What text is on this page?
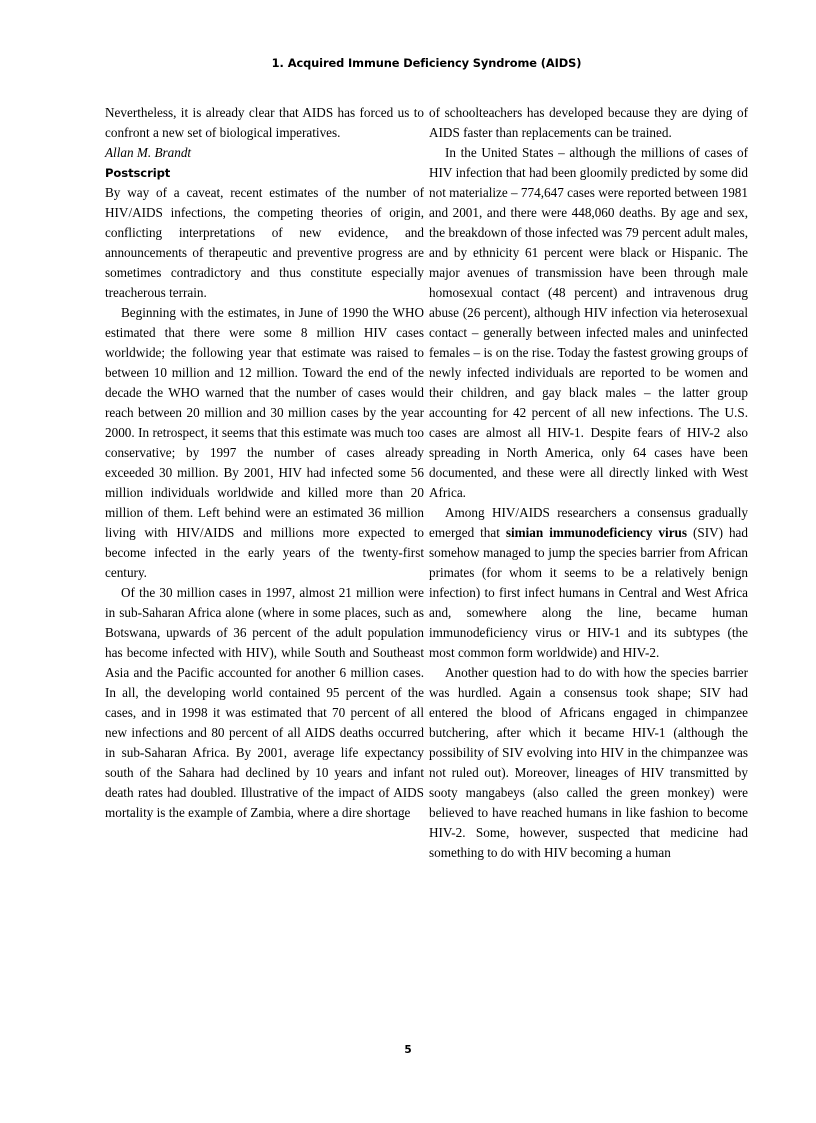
1. Acquired Immune Deficiency Syndrome (AIDS)

Nevertheless, it is already clear that AIDS has forced us to confront a new set of biological imperatives.

Allan M. Brandt

Postscript

By way of a caveat, recent estimates of the number of HIV/AIDS infections, the competing theories of origin, conflicting interpretations of new evidence, and announcements of therapeutic and preventive progress are sometimes contradictory and thus constitute especially treacherous terrain.

Beginning with the estimates, in June of 1990 the WHO estimated that there were some 8 million HIV cases worldwide; the following year that estimate was raised to between 10 million and 12 million. Toward the end of the decade the WHO warned that the number of cases would reach between 20 million and 30 million cases by the year 2000. In retrospect, it seems that this estimate was much too conservative; by 1997 the number of cases already exceeded 30 million. By 2001, HIV had infected some 56 million individuals worldwide and killed more than 20 million of them. Left behind were an estimated 36 million living with HIV/AIDS and millions more expected to become infected in the early years of the twenty-first century.

Of the 30 million cases in 1997, almost 21 million were in sub-Saharan Africa alone (where in some places, such as Botswana, upwards of 36 percent of the adult population has become infected with HIV), while South and Southeast Asia and the Pacific accounted for another 6 million cases. In all, the developing world contained 95 percent of the cases, and in 1998 it was estimated that 70 percent of all new infections and 80 percent of all AIDS deaths occurred in sub-Saharan Africa. By 2001, average life expectancy south of the Sahara had declined by 10 years and infant death rates had doubled. Illustrative of the impact of AIDS mortality is the example of Zambia, where a dire shortage

of schoolteachers has developed because they are dying of AIDS faster than replacements can be trained.

In the United States – although the millions of cases of HIV infection that had been gloomily predicted by some did not materialize – 774,647 cases were reported between 1981 and 2001, and there were 448,060 deaths. By age and sex, the breakdown of those infected was 79 percent adult males, and by ethnicity 61 percent were black or Hispanic. The major avenues of transmission have been through male homosexual contact (48 percent) and intravenous drug abuse (26 percent), although HIV infection via heterosexual contact – generally between infected males and uninfected females – is on the rise. Today the fastest growing groups of newly infected individuals are reported to be women and their children, and gay black males – the latter group accounting for 42 percent of all new infections. The U.S. cases are almost all HIV-1. Despite fears of HIV-2 also spreading in North America, only 64 cases have been documented, and these were all directly linked with West Africa.

Among HIV/AIDS researchers a consensus gradually emerged that simian immunodeficiency virus (SIV) had somehow managed to jump the species barrier from African primates (for whom it seems to be a relatively benign infection) to first infect humans in Central and West Africa and, somewhere along the line, became human immunodeficiency virus or HIV-1 and its subtypes (the most common form worldwide) and HIV-2.

Another question had to do with how the species barrier was hurdled. Again a consensus took shape; SIV had entered the blood of Africans engaged in chimpanzee butchering, after which it became HIV-1 (although the possibility of SIV evolving into HIV in the chimpanzee was not ruled out). Moreover, lineages of HIV transmitted by sooty mangabeys (also called the green monkey) were believed to have reached humans in like fashion to become HIV-2. Some, however, suspected that medicine had something to do with HIV becoming a human

5
